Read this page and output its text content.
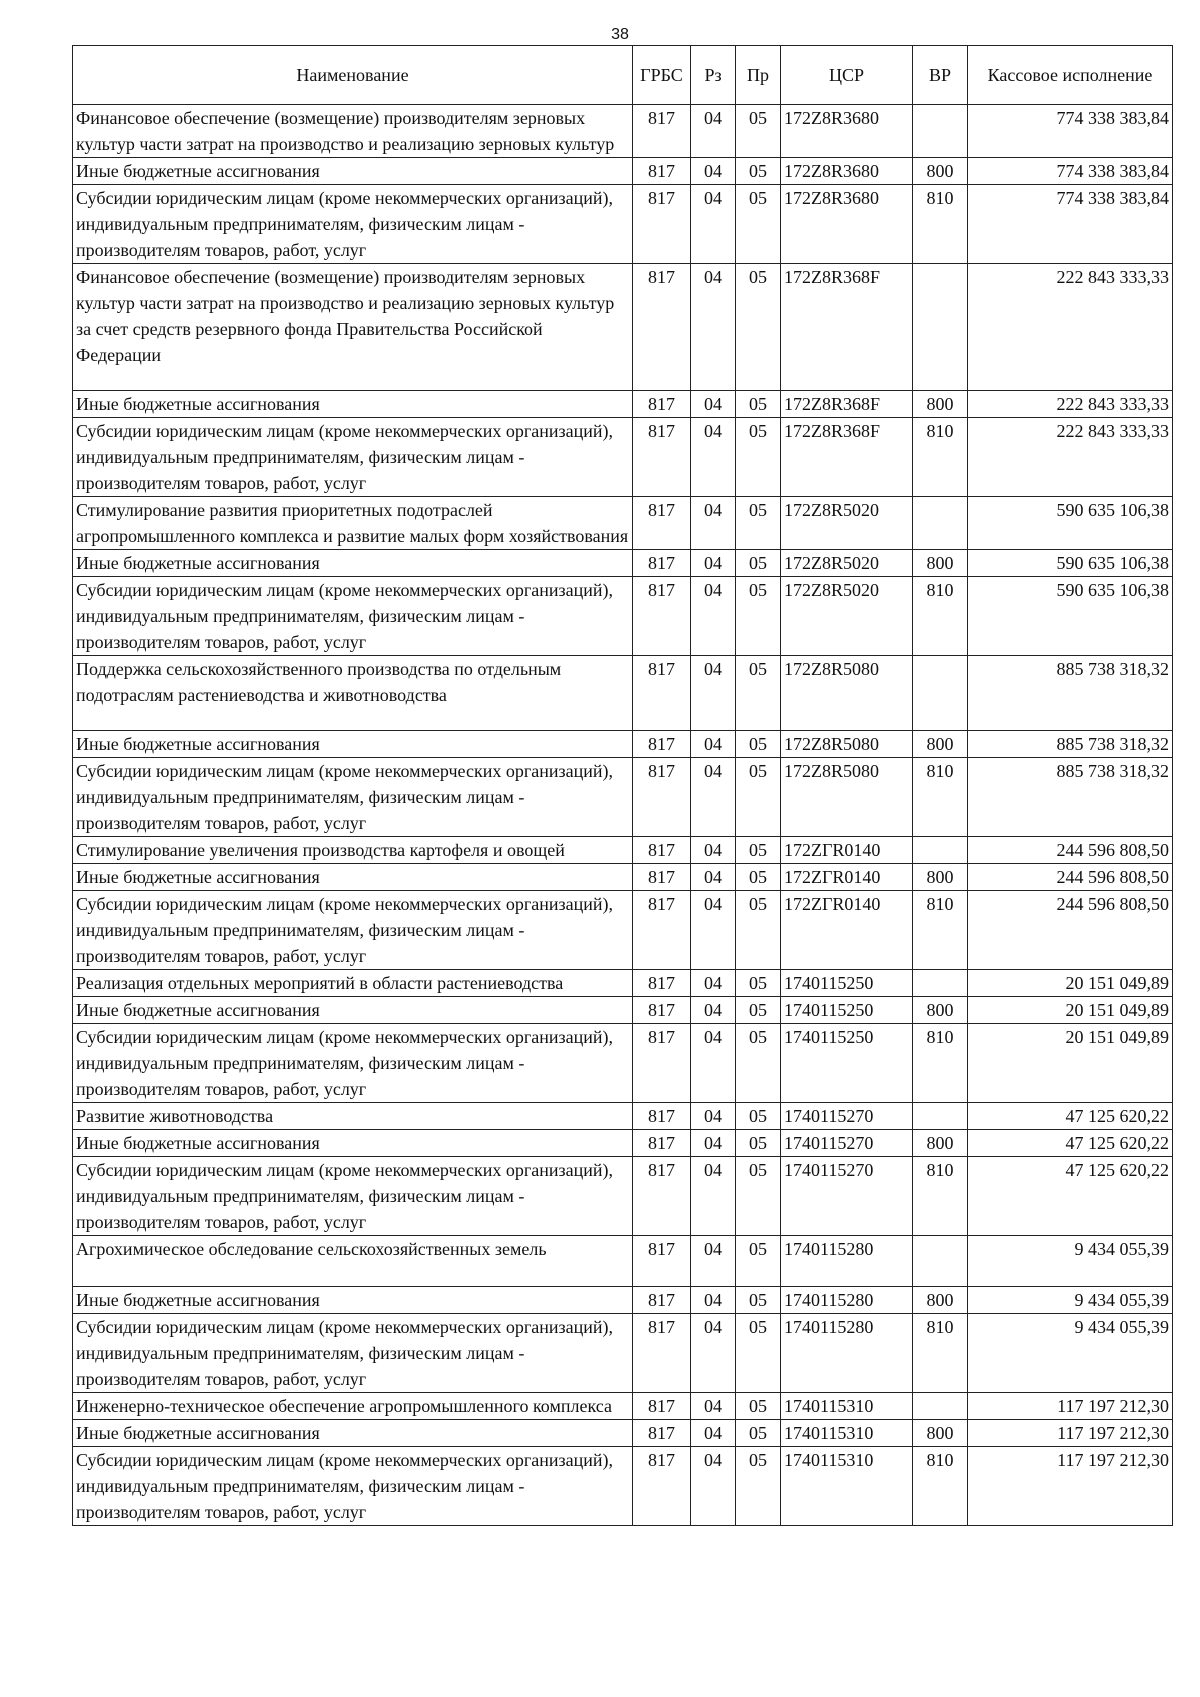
38
Наименование	ГРБС	Рз	Пр	ЦСР	ВР	Кассовое исполнение
Финансовое обеспечение (возмещение) производителям зерновых культур части затрат на производство и реализацию зерновых культур	817	04	05	172Z8R3680		774 338 383,84
Иные бюджетные ассигнования	817	04	05	172Z8R3680	800	774 338 383,84
Субсидии юридическим лицам (кроме некоммерческих организаций), индивидуальным предпринимателям, физическим лицам - производителям товаров, работ, услуг	817	04	05	172Z8R3680	810	774 338 383,84
Финансовое обеспечение (возмещение) производителям зерновых культур части затрат на производство и реализацию зерновых культур за счет средств резервного фонда Правительства Российской Федерации	817	04	05	172Z8R368F		222 843 333,33
Иные бюджетные ассигнования	817	04	05	172Z8R368F	800	222 843 333,33
Субсидии юридическим лицам (кроме некоммерческих организаций), индивидуальным предпринимателям, физическим лицам - производителям товаров, работ, услуг	817	04	05	172Z8R368F	810	222 843 333,33
Стимулирование развития приоритетных подотраслей агропромышленного комплекса и развитие малых форм хозяйствования	817	04	05	172Z8R5020		590 635 106,38
Иные бюджетные ассигнования	817	04	05	172Z8R5020	800	590 635 106,38
Субсидии юридическим лицам (кроме некоммерческих организаций), индивидуальным предпринимателям, физическим лицам - производителям товаров, работ, услуг	817	04	05	172Z8R5020	810	590 635 106,38
Поддержка сельскохозяйственного производства по отдельным подотраслям растениеводства и животноводства	817	04	05	172Z8R5080		885 738 318,32
Иные бюджетные ассигнования	817	04	05	172Z8R5080	800	885 738 318,32
Субсидии юридическим лицам (кроме некоммерческих организаций), индивидуальным предпринимателям, физическим лицам - производителям товаров, работ, услуг	817	04	05	172Z8R5080	810	885 738 318,32
Стимулирование увеличения производства картофеля и овощей	817	04	05	172ZГR0140		244 596 808,50
Иные бюджетные ассигнования	817	04	05	172ZГR0140	800	244 596 808,50
Субсидии юридическим лицам (кроме некоммерческих организаций), индивидуальным предпринимателям, физическим лицам - производителям товаров, работ, услуг	817	04	05	172ZГR0140	810	244 596 808,50
Реализация отдельных мероприятий в области растениеводства	817	04	05	1740115250		20 151 049,89
Иные бюджетные ассигнования	817	04	05	1740115250	800	20 151 049,89
Субсидии юридическим лицам (кроме некоммерческих организаций), индивидуальным предпринимателям, физическим лицам - производителям товаров, работ, услуг	817	04	05	1740115250	810	20 151 049,89
Развитие животноводства	817	04	05	1740115270		47 125 620,22
Иные бюджетные ассигнования	817	04	05	1740115270	800	47 125 620,22
Субсидии юридическим лицам (кроме некоммерческих организаций), индивидуальным предпринимателям, физическим лицам - производителям товаров, работ, услуг	817	04	05	1740115270	810	47 125 620,22
Агрохимическое обследование сельскохозяйственных земель	817	04	05	1740115280		9 434 055,39
Иные бюджетные ассигнования	817	04	05	1740115280	800	9 434 055,39
Субсидии юридическим лицам (кроме некоммерческих организаций), индивидуальным предпринимателям, физическим лицам - производителям товаров, работ, услуг	817	04	05	1740115280	810	9 434 055,39
Инженерно-техническое обеспечение агропромышленного комплекса	817	04	05	1740115310		117 197 212,30
Иные бюджетные ассигнования	817	04	05	1740115310	800	117 197 212,30
Субсидии юридическим лицам (кроме некоммерческих организаций), индивидуальным предпринимателям, физическим лицам - производителям товаров, работ, услуг	817	04	05	1740115310	810	117 197 212,30
